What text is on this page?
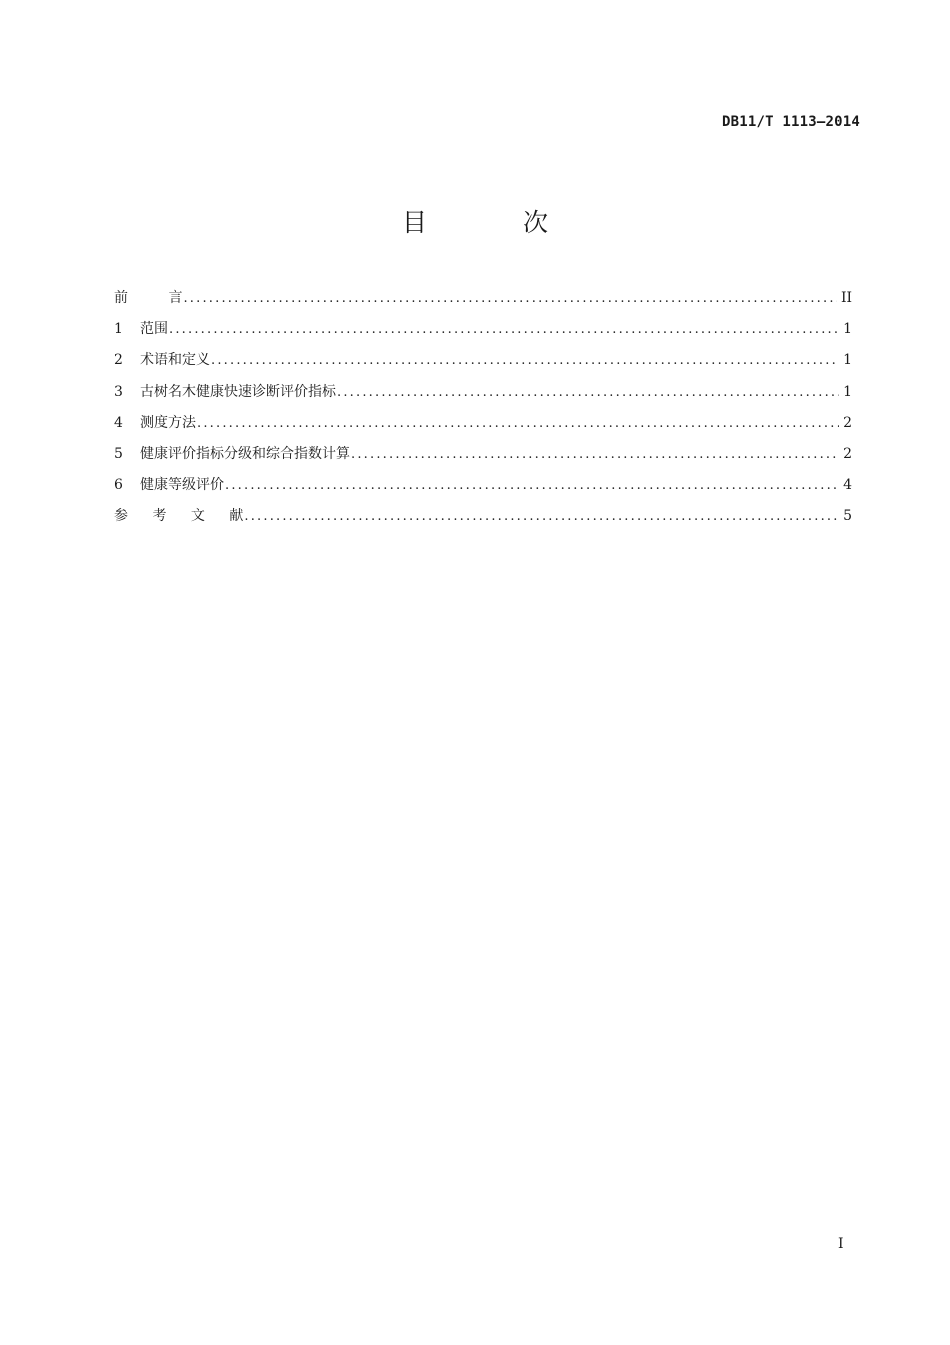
DB11/T 1113—2014
目 次
前 言 .....	II
1	范围 .....	1
2	术语和定义 .....	1
3	古树名木健康快速诊断评价指标 .....	1
4	测度方法 .....	2
5	健康评价指标分级和综合指数计算 .....	2
6	健康等级评价 .....	4
参 考 文 献 .....	5
I
